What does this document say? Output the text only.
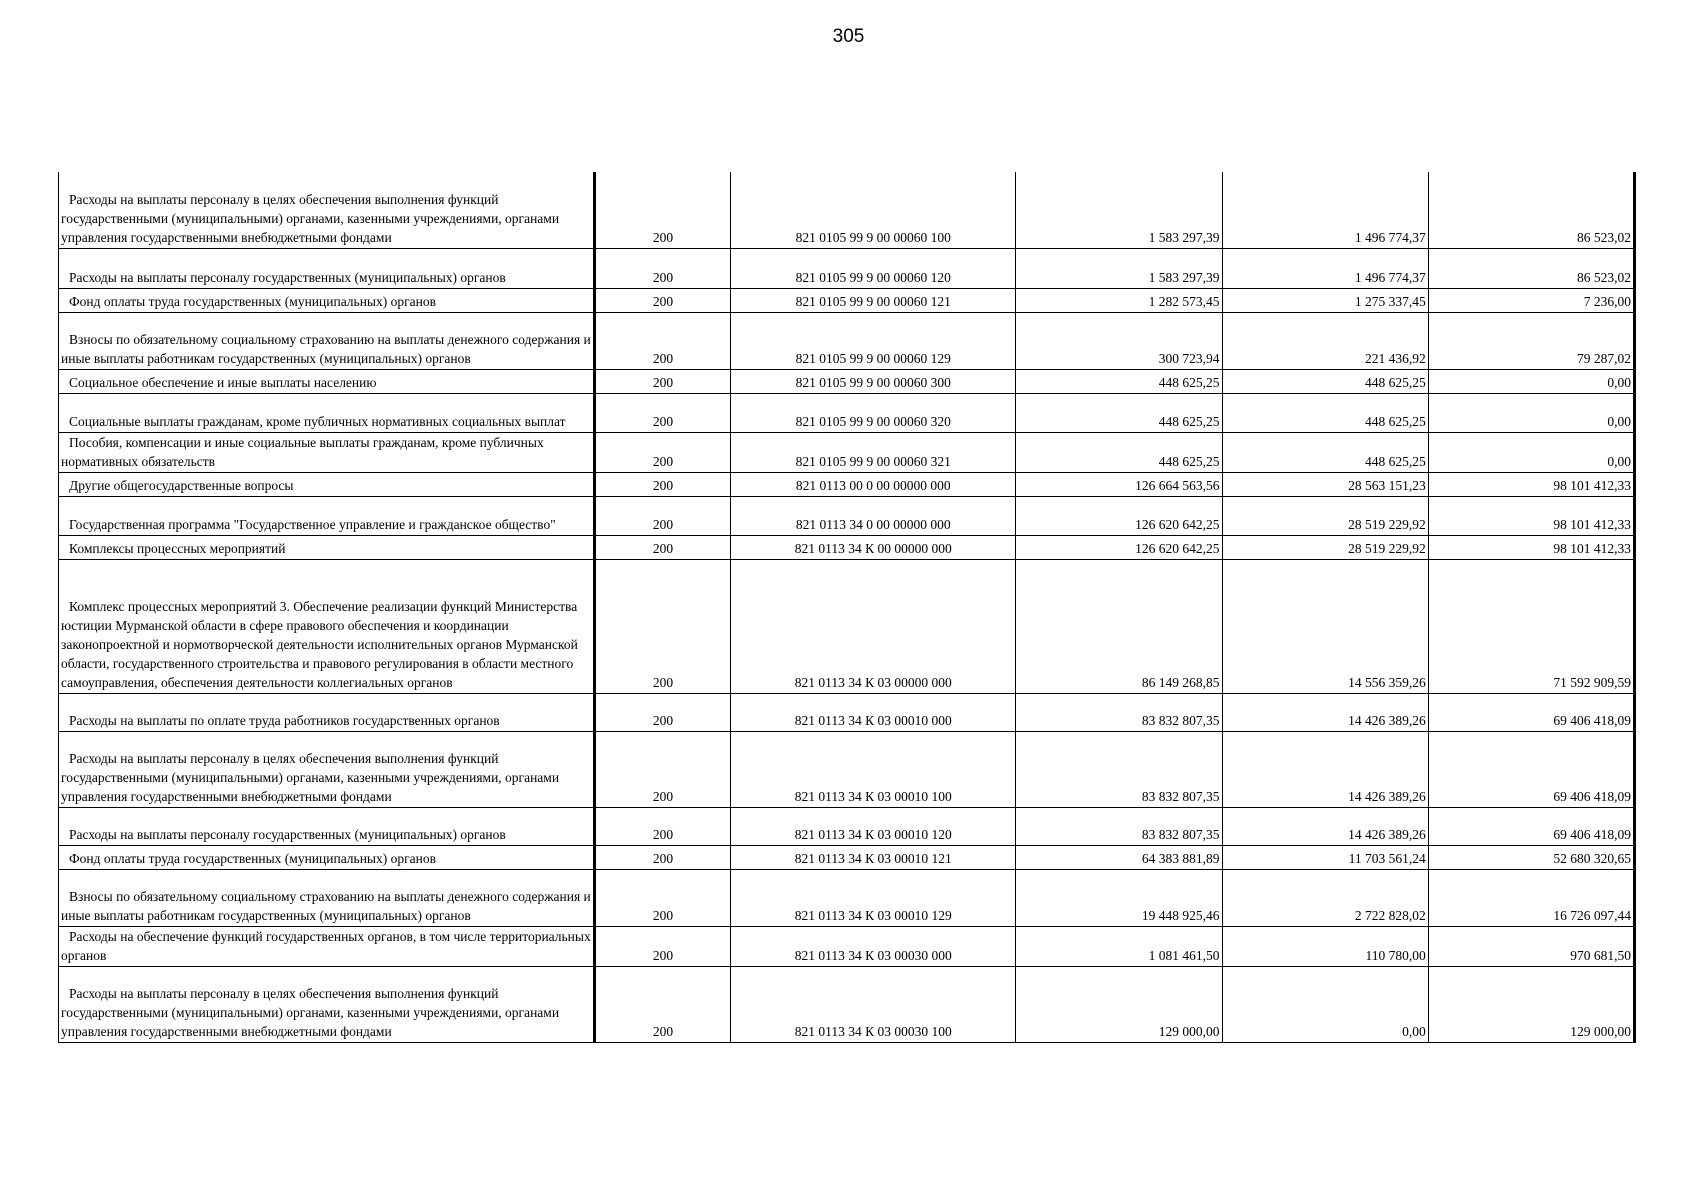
305
Расходы на выплаты персоналу в целях обеспечения выполнения функций государственными (муниципальными) органами, казенными учреждениями, органами управления государственными внебюджетными фондами	200	821 0105 99 9 00 00060 100	1 583 297,39	1 496 774,37	86 523,02
Расходы на выплаты персоналу государственных (муниципальных) органов	200	821 0105 99 9 00 00060 120	1 583 297,39	1 496 774,37	86 523,02
Фонд оплаты труда государственных (муниципальных) органов	200	821 0105 99 9 00 00060 121	1 282 573,45	1 275 337,45	7 236,00
Взносы по обязательному социальному страхованию на выплаты денежного содержания и иные выплаты работникам государственных (муниципальных) органов	200	821 0105 99 9 00 00060 129	300 723,94	221 436,92	79 287,02
Социальное обеспечение и иные выплаты населению	200	821 0105 99 9 00 00060 300	448 625,25	448 625,25	0,00
Социальные выплаты гражданам, кроме публичных нормативных социальных выплат	200	821 0105 99 9 00 00060 320	448 625,25	448 625,25	0,00
Пособия, компенсации и иные социальные выплаты гражданам, кроме публичных нормативных обязательств	200	821 0105 99 9 00 00060 321	448 625,25	448 625,25	0,00
Другие общегосударственные вопросы	200	821 0113 00 0 00 00000 000	126 664 563,56	28 563 151,23	98 101 412,33
Государственная программа "Государственное управление и гражданское общество"	200	821 0113 34 0 00 00000 000	126 620 642,25	28 519 229,92	98 101 412,33
Комплексы процессных мероприятий	200	821 0113 34 К 00 00000 000	126 620 642,25	28 519 229,92	98 101 412,33
Комплекс процессных мероприятий 3. Обеспечение реализации функций Министерства юстиции Мурманской области в сфере правового обеспечения и координации законопроектной и нормотворческой деятельности исполнительных органов Мурманской области, государственного строительства и правового регулирования в области местного самоуправления, обеспечения деятельности коллегиальных органов	200	821 0113 34 К 03 00000 000	86 149 268,85	14 556 359,26	71 592 909,59
Расходы на выплаты по оплате труда работников государственных органов	200	821 0113 34 К 03 00010 000	83 832 807,35	14 426 389,26	69 406 418,09
Расходы на выплаты персоналу в целях обеспечения выполнения функций государственными (муниципальными) органами, казенными учреждениями, органами управления государственными внебюджетными фондами	200	821 0113 34 К 03 00010 100	83 832 807,35	14 426 389,26	69 406 418,09
Расходы на выплаты персоналу государственных (муниципальных) органов	200	821 0113 34 К 03 00010 120	83 832 807,35	14 426 389,26	69 406 418,09
Фонд оплаты труда государственных (муниципальных) органов	200	821 0113 34 К 03 00010 121	64 383 881,89	11 703 561,24	52 680 320,65
Взносы по обязательному социальному страхованию на выплаты денежного содержания и иные выплаты работникам государственных (муниципальных) органов	200	821 0113 34 К 03 00010 129	19 448 925,46	2 722 828,02	16 726 097,44
Расходы на обеспечение функций государственных органов, в том числе территориальных органов	200	821 0113 34 К 03 00030 000	1 081 461,50	110 780,00	970 681,50
Расходы на выплаты персоналу в целях обеспечения выполнения функций государственными (муниципальными) органами, казенными учреждениями, органами управления государственными внебюджетными фондами	200	821 0113 34 К 03 00030 100	129 000,00	0,00	129 000,00
